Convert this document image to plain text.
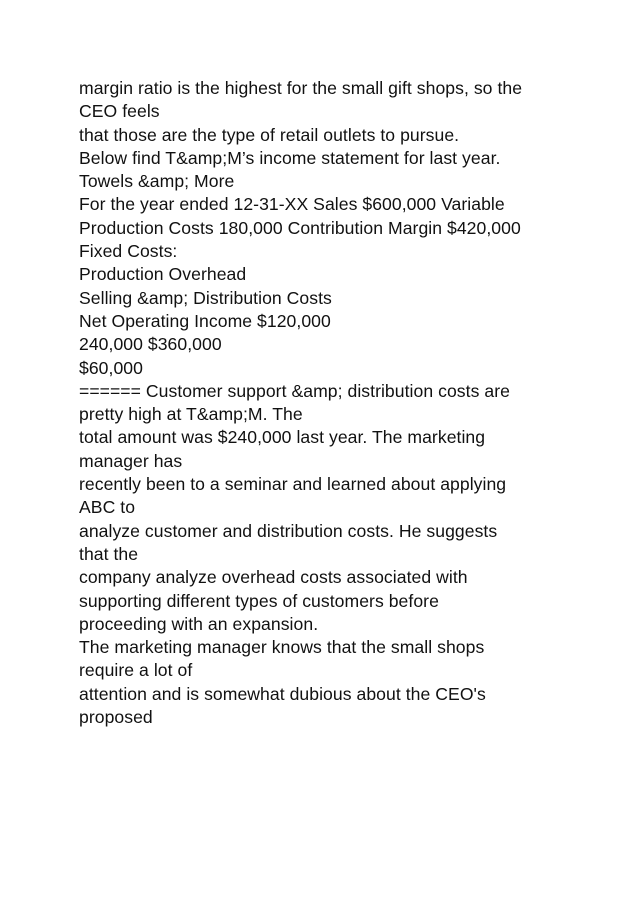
margin ratio is the highest for the small gift shops, so the
CEO feels
that those are the type of retail outlets to pursue.
Below find T&amp;M’s income statement for last year.
Towels &amp; More
For the year ended 12-31-XX Sales $600,000 Variable
Production Costs 180,000 Contribution Margin $420,000
Fixed Costs:
Production Overhead
Selling &amp; Distribution Costs
Net Operating Income $120,000
240,000 $360,000
$60,000
====== Customer support &amp; distribution costs are
pretty high at T&amp;M. The
total amount was $240,000 last year. The marketing
manager has
recently been to a seminar and learned about applying
ABC to
analyze customer and distribution costs. He suggests
that the
company analyze overhead costs associated with
supporting different types of customers before
proceeding with an expansion.
The marketing manager knows that the small shops
require a lot of
attention and is somewhat dubious about the CEO's
proposed
